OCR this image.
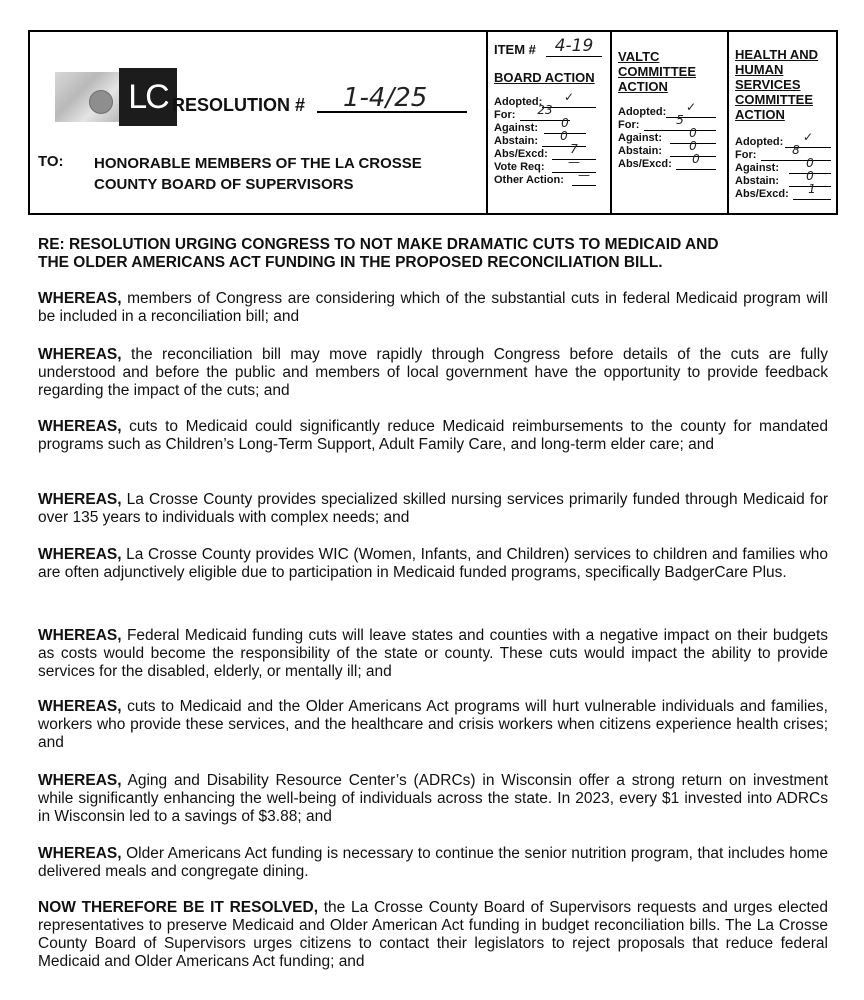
LC RESOLUTION #	1-4/25
TO: HONORABLE MEMBERS OF THE LA CROSSE
COUNTY BOARD OF SUPERVISORS
ITEM #	4-19
BOARD ACTION
Adopted:	✓
For:	23
Against:	0
Abstain:	0
Abs/Excd:	7
Vote Req:	—
Other Action:	—
VALTC
COMMITTEE
ACTION
Adopted:	✓
For:	5
Against:	0
Abstain:	0
Abs/Excd:	0
HEALTH AND
HUMAN
SERVICES
COMMITTEE
ACTION
Adopted:	✓
For:	8
Against:	0
Abstain:	0
Abs/Excd:	1
RE: RESOLUTION URGING CONGRESS TO NOT MAKE DRAMATIC CUTS TO MEDICAID AND
THE OLDER AMERICANS ACT FUNDING IN THE PROPOSED RECONCILIATION BILL.
WHEREAS, members of Congress are considering which of the substantial cuts in federal Medicaid program will be included in a reconciliation bill; and
WHEREAS, the reconciliation bill may move rapidly through Congress before details of the cuts are fully understood and before the public and members of local government have the opportunity to provide feedback regarding the impact of the cuts; and
WHEREAS, cuts to Medicaid could significantly reduce Medicaid reimbursements to the county for mandated programs such as Children’s Long-Term Support, Adult Family Care, and long-term elder care; and
WHEREAS, La Crosse County provides specialized skilled nursing services primarily funded through Medicaid for over 135 years to individuals with complex needs; and
WHEREAS, La Crosse County provides WIC (Women, Infants, and Children) services to children and families who are often adjunctively eligible due to participation in Medicaid funded programs, specifically BadgerCare Plus.
WHEREAS, Federal Medicaid funding cuts will leave states and counties with a negative impact on their budgets as costs would become the responsibility of the state or county. These cuts would impact the ability to provide services for the disabled, elderly, or mentally ill; and
WHEREAS, cuts to Medicaid and the Older Americans Act programs will hurt vulnerable individuals and families, workers who provide these services, and the healthcare and crisis workers when citizens experience health crises; and
WHEREAS, Aging and Disability Resource Center’s (ADRCs) in Wisconsin offer a strong return on investment while significantly enhancing the well-being of individuals across the state. In 2023, every $1 invested into ADRCs in Wisconsin led to a savings of $3.88; and
WHEREAS, Older Americans Act funding is necessary to continue the senior nutrition program, that includes home delivered meals and congregate dining.
NOW THEREFORE BE IT RESOLVED, the La Crosse County Board of Supervisors requests and urges elected representatives to preserve Medicaid and Older American Act funding in budget reconciliation bills. The La Crosse County Board of Supervisors urges citizens to contact their legislators to reject proposals that reduce federal Medicaid and Older Americans Act funding; and
